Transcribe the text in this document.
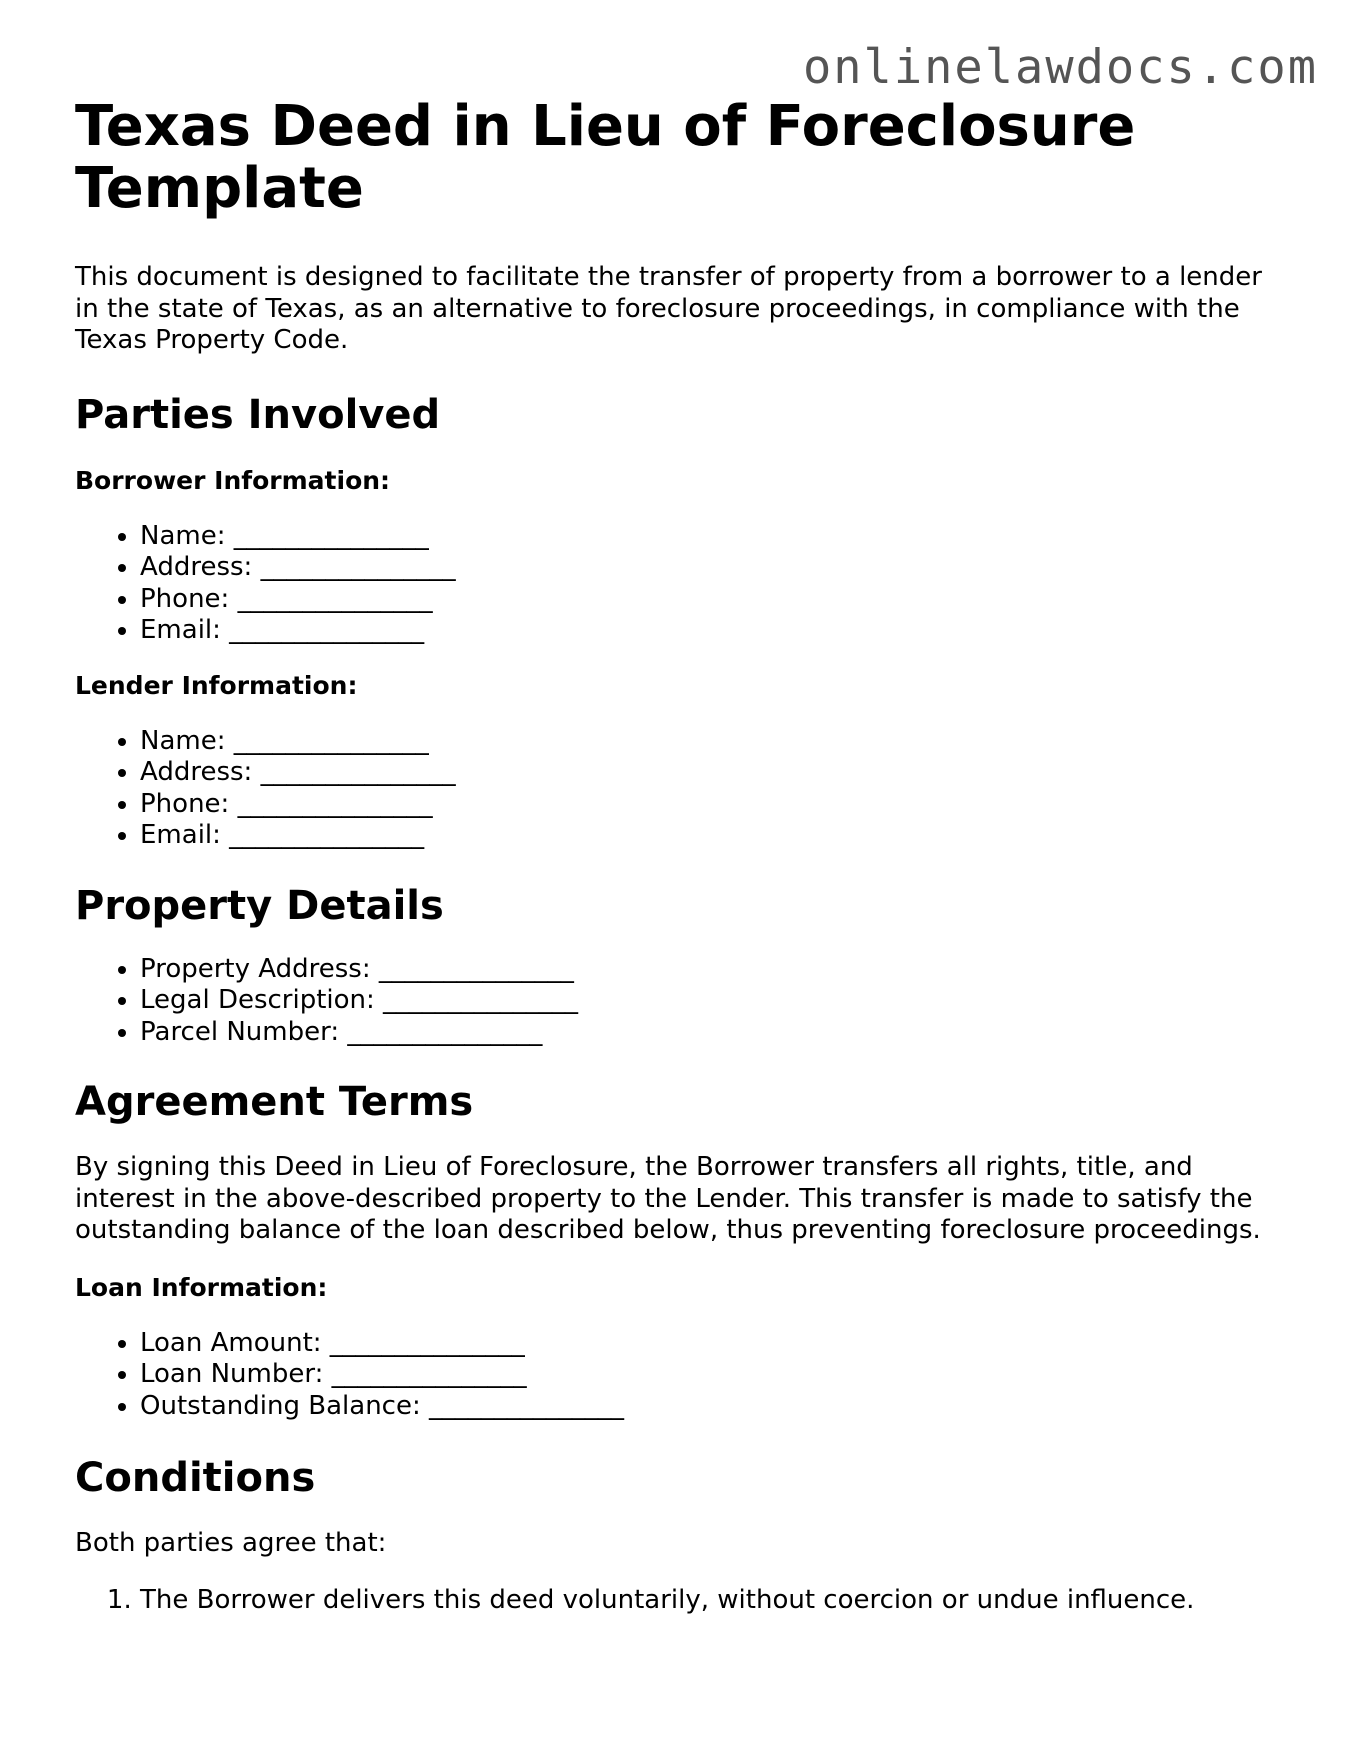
onlinelawdocs.com
Texas Deed in Lieu of Foreclosure Template

This document is designed to facilitate the transfer of property from a borrower to a lender in the state of Texas, as an alternative to foreclosure proceedings, in compliance with the Texas Property Code.

Parties Involved
Borrower Information:
• Name: _______________
• Address: _______________
• Phone: _______________
• Email: _______________
Lender Information:
• Name: _______________
• Address: _______________
• Phone: _______________
• Email: _______________
Property Details
• Property Address: _______________
• Legal Description: _______________
• Parcel Number: _______________
Agreement Terms

By signing this Deed in Lieu of Foreclosure, the Borrower transfers all rights, title, and interest in the above-described property to the Lender. This transfer is made to satisfy the outstanding balance of the loan described below, thus preventing foreclosure proceedings.

Loan Information:
• Loan Amount: _______________
• Loan Number: _______________
• Outstanding Balance: _______________
Conditions

Both parties agree that:

1. The Borrower delivers this deed voluntarily, without coercion or undue influence.
